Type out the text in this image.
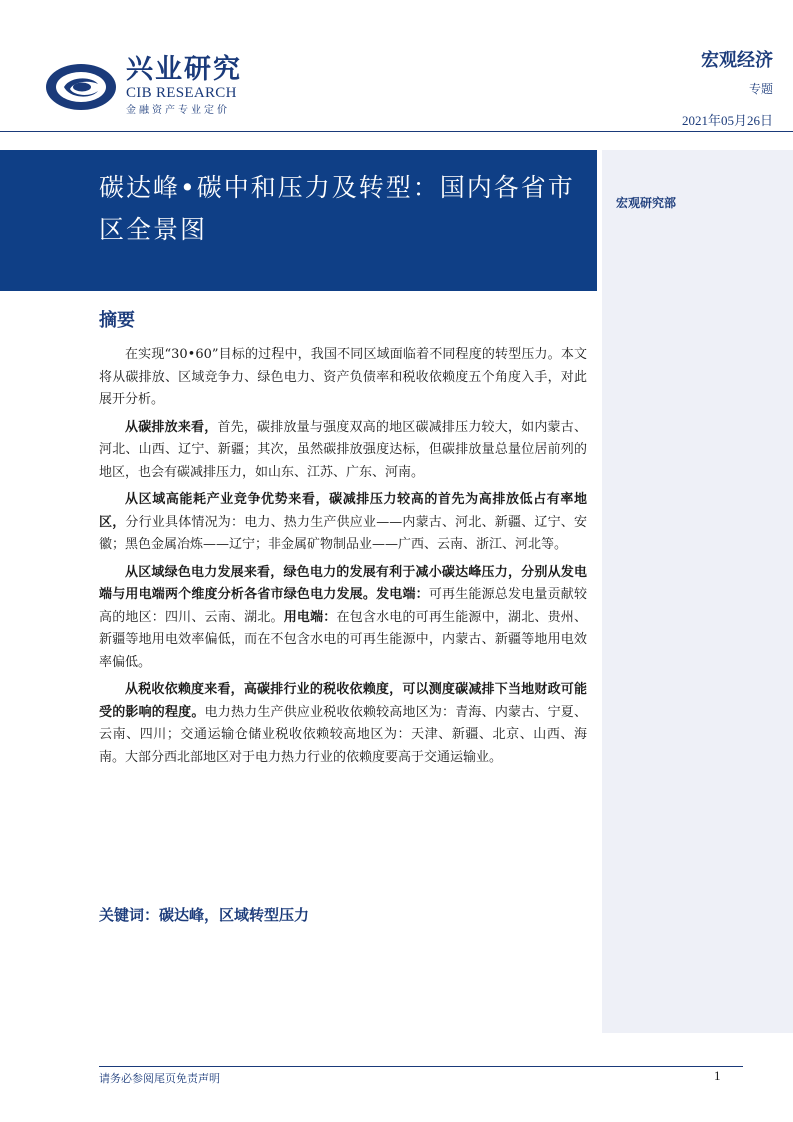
兴业研究
CIB RESEARCH
金融资产专业定价
宏观经济
专题
2021年05月26日
碳达峰•碳中和压力及转型：国内各省市区全景图
宏观研究部
摘要

在实现“30•60”目标的过程中，我国不同区域面临着不同程度的转型压力。本文将从碳排放、区域竞争力、绿色电力、资产负债率和税收依赖度五个角度入手，对此展开分析。

从碳排放来看，首先，碳排放量与强度双高的地区碳减排压力较大，如内蒙古、河北、山西、辽宁、新疆；其次，虽然碳排放强度达标，但碳排放量总量位居前列的地区，也会有碳减排压力，如山东、江苏、广东、河南。

从区域高能耗产业竞争优势来看，碳减排压力较高的首先为高排放低占有率地区，分行业具体情况为：电力、热力生产供应业——内蒙古、河北、新疆、辽宁、安徽；黑色金属冶炼——辽宁；非金属矿物制品业——广西、云南、浙江、河北等。

从区域绿色电力发展来看，绿色电力的发展有利于减小碳达峰压力，分别从发电端与用电端两个维度分析各省市绿色电力发展。发电端：可再生能源总发电量贡献较高的地区：四川、云南、湖北。用电端：在包含水电的可再生能源中，湖北、贵州、新疆等地用电效率偏低，而在不包含水电的可再生能源中，内蒙古、新疆等地用电效率偏低。

从税收依赖度来看，高碳排行业的税收依赖度，可以测度碳减排下当地财政可能受的影响的程度。电力热力生产供应业税收依赖较高地区为：青海、内蒙古、宁夏、云南、四川；交通运输仓储业税收依赖较高地区为：天津、新疆、北京、山西、海南。大部分西北部地区对于电力热力行业的依赖度要高于交通运输业。

关键词：碳达峰，区域转型压力
请务必参阅尾页免责声明	1
